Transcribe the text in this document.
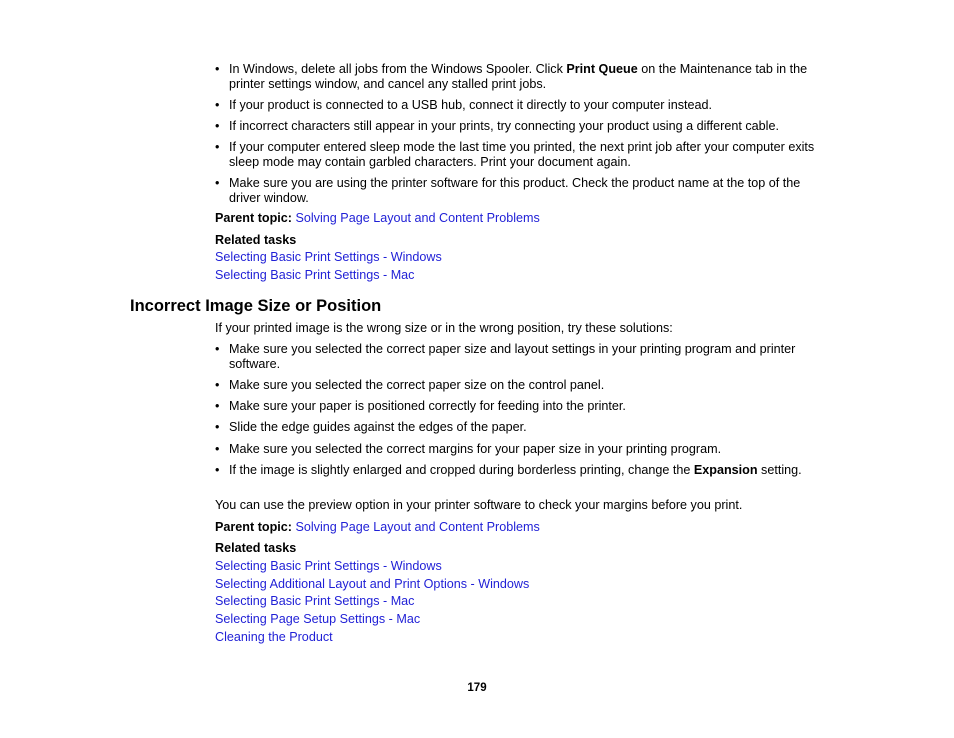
• In Windows, delete all jobs from the Windows Spooler. Click Print Queue on the Maintenance tab in the printer settings window, and cancel any stalled print jobs.
• If your product is connected to a USB hub, connect it directly to your computer instead.
• If incorrect characters still appear in your prints, try connecting your product using a different cable.
• If your computer entered sleep mode the last time you printed, the next print job after your computer exits sleep mode may contain garbled characters. Print your document again.
• Make sure you are using the printer software for this product. Check the product name at the top of the driver window.
Parent topic: Solving Page Layout and Content Problems
Related tasks
Selecting Basic Print Settings - Windows
Selecting Basic Print Settings - Mac
Incorrect Image Size or Position
If your printed image is the wrong size or in the wrong position, try these solutions:
• Make sure you selected the correct paper size and layout settings in your printing program and printer software.
• Make sure you selected the correct paper size on the control panel.
• Make sure your paper is positioned correctly for feeding into the printer.
• Slide the edge guides against the edges of the paper.
• Make sure you selected the correct margins for your paper size in your printing program.
• If the image is slightly enlarged and cropped during borderless printing, change the Expansion setting.
You can use the preview option in your printer software to check your margins before you print.
Parent topic: Solving Page Layout and Content Problems
Related tasks
Selecting Basic Print Settings - Windows
Selecting Additional Layout and Print Options - Windows
Selecting Basic Print Settings - Mac
Selecting Page Setup Settings - Mac
Cleaning the Product
179
